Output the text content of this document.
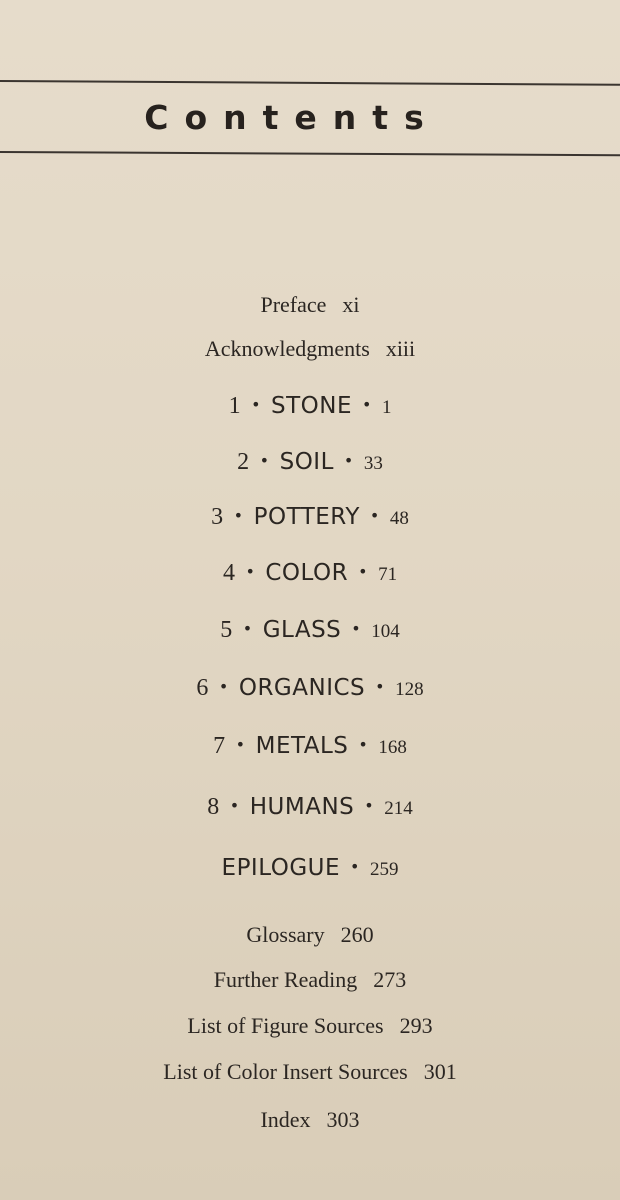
Contents
Preface xi
Acknowledgments xiii
1 • STONE • 1
2 • SOIL • 33
3 • POTTERY • 48
4 • COLOR • 71
5 • GLASS • 104
6 • ORGANICS • 128
7 • METALS • 168
8 • HUMANS • 214
EPILOGUE • 259
Glossary 260
Further Reading 273
List of Figure Sources 293
List of Color Insert Sources 301
Index 303
